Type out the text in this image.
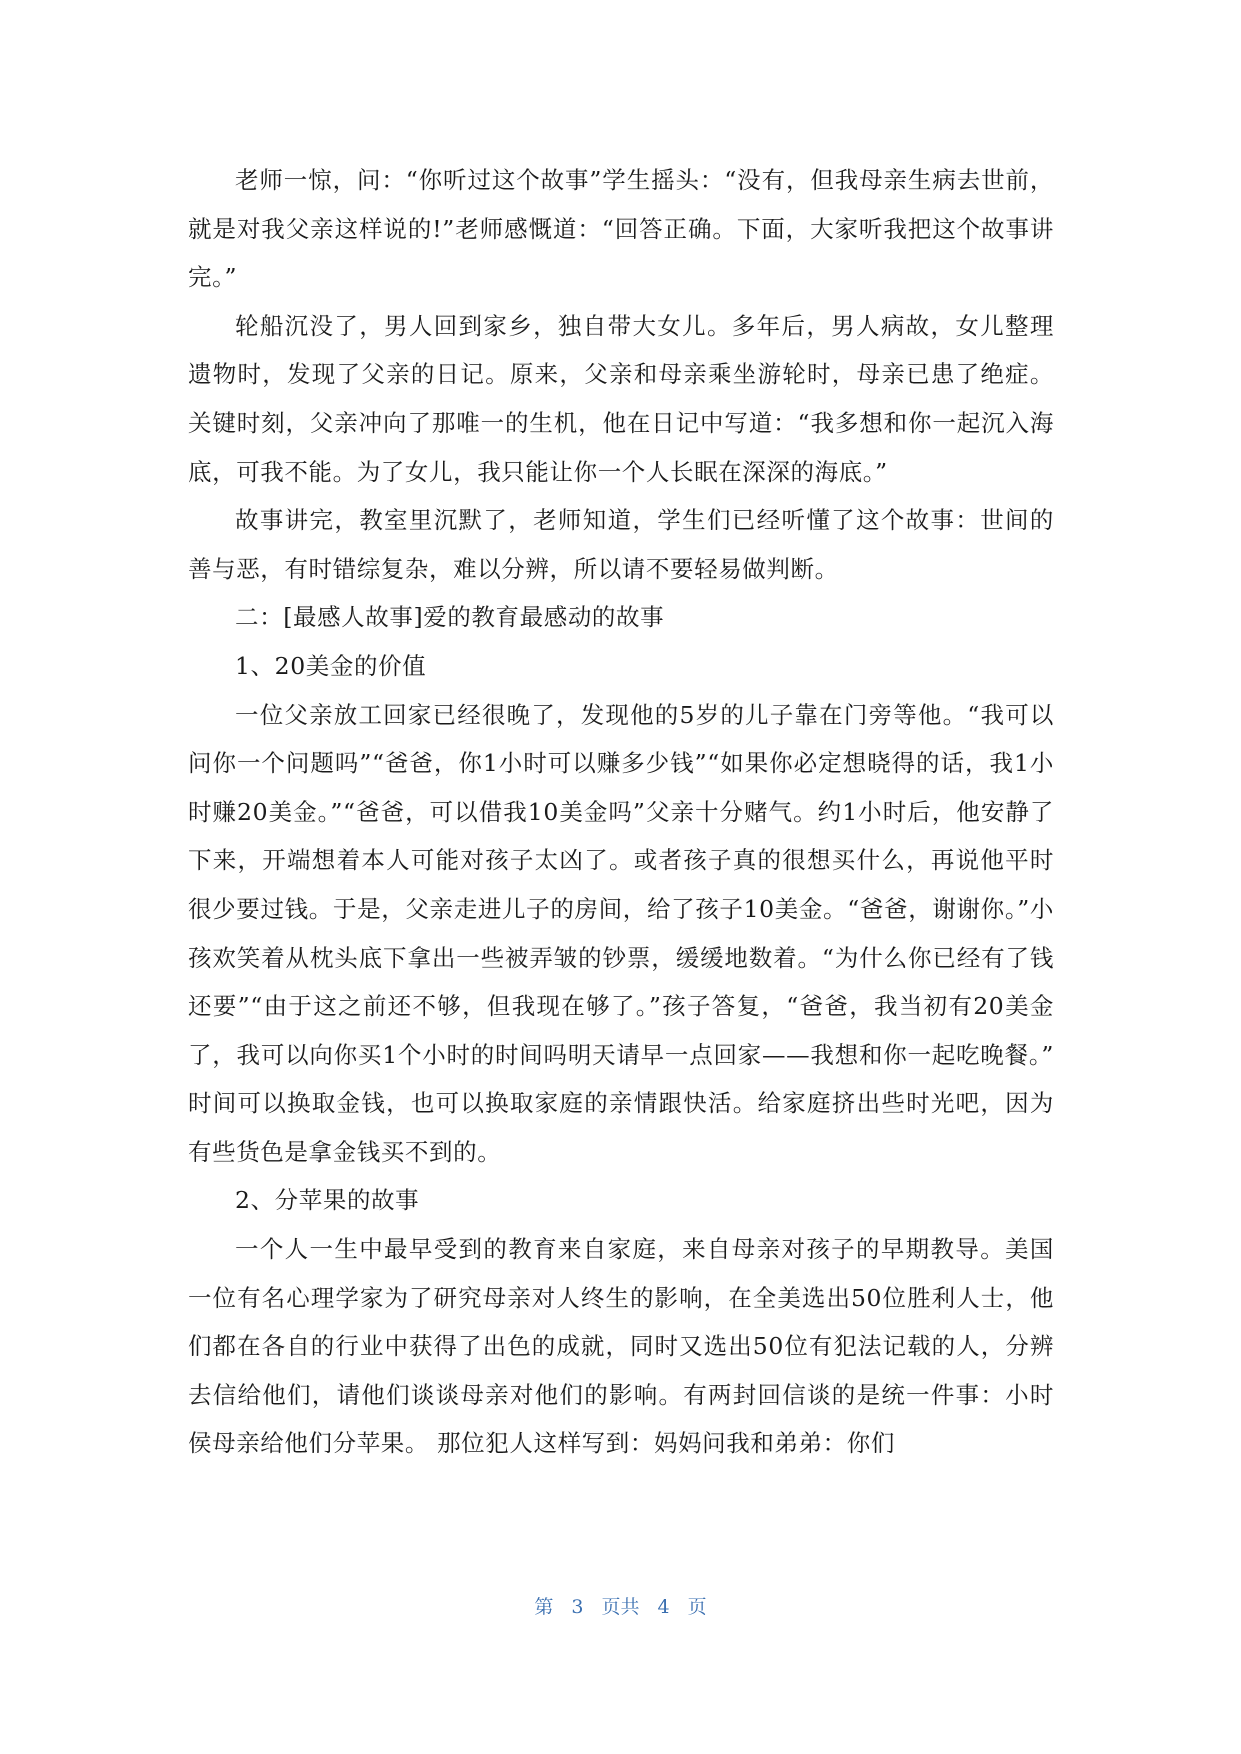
老师一惊，问：“你听过这个故事”学生摇头：“没有，但我母亲生病去世前，就是对我父亲这样说的!”老师感慨道：“回答正确。下面，大家听我把这个故事讲完。”

轮船沉没了，男人回到家乡，独自带大女儿。多年后，男人病故，女儿整理遗物时，发现了父亲的日记。原来，父亲和母亲乘坐游轮时，母亲已患了绝症。关键时刻，父亲冲向了那唯一的生机，他在日记中写道：“我多想和你一起沉入海底，可我不能。为了女儿，我只能让你一个人长眠在深深的海底。”

故事讲完，教室里沉默了，老师知道，学生们已经听懂了这个故事：世间的善与恶，有时错综复杂，难以分辨，所以请不要轻易做判断。

二：[最感人故事]爱的教育最感动的故事

1、20美金的价值

一位父亲放工回家已经很晚了，发现他的5岁的儿子靠在门旁等他。“我可以问你一个问题吗”“爸爸，你1小时可以赚多少钱”“如果你必定想晓得的话，我1小时赚20美金。”“爸爸，可以借我10美金吗”父亲十分赌气。约1小时后，他安静了下来，开端想着本人可能对孩子太凶了。或者孩子真的很想买什么，再说他平时很少要过钱。于是，父亲走进儿子的房间，给了孩子10美金。“爸爸，谢谢你。”小孩欢笑着从枕头底下拿出一些被弄皱的钞票，缓缓地数着。“为什么你已经有了钱还要”“由于这之前还不够，但我现在够了。”孩子答复，“爸爸，我当初有20美金了，我可以向你买1个小时的时间吗明天请早一点回家——我想和你一起吃晚餐。” 时间可以换取金钱，也可以换取家庭的亲情跟快活。给家庭挤出些时光吧，因为有些货色是拿金钱买不到的。

2、分苹果的故事

一个人一生中最早受到的教育来自家庭，来自母亲对孩子的早期教导。美国一位有名心理学家为了研究母亲对人终生的影响，在全美选出50位胜利人士，他们都在各自的行业中获得了出色的成就，同时又选出50位有犯法记载的人，分辨去信给他们，请他们谈谈母亲对他们的影响。有两封回信谈的是统一件事：小时侯母亲给他们分苹果。 那位犯人这样写到：妈妈问我和弟弟：你们

第 3 页共 4 页
